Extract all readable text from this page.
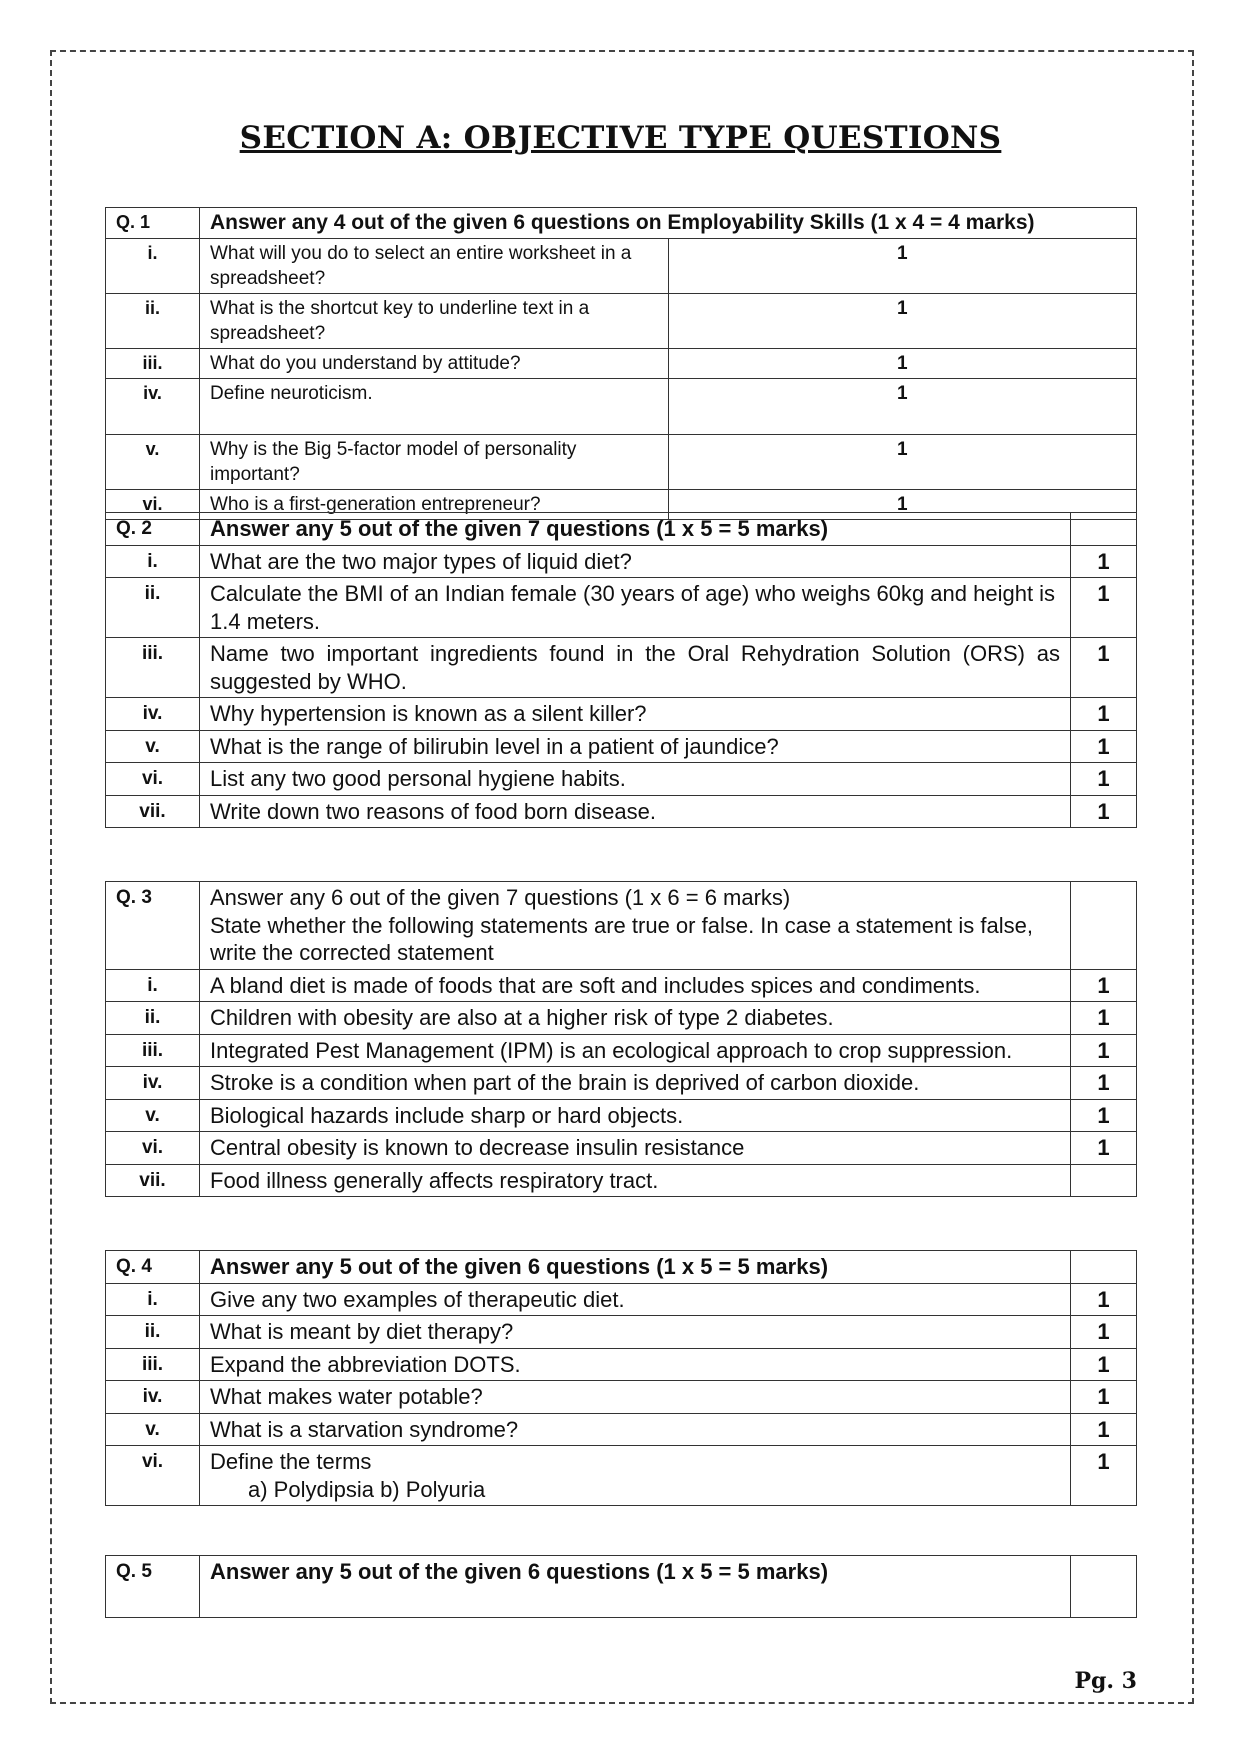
SECTION A: OBJECTIVE TYPE QUESTIONS
Q. 1	Answer any 4 out of the given 6 questions on Employability Skills (1 x 4 = 4 marks)	
i.	What will you do to select an entire worksheet in a spreadsheet?	1
ii.	What is the shortcut key to underline text in a spreadsheet?	1
iii.	What do you understand by attitude?	1
iv.	Define neuroticism.	1
v.	Why is the Big 5-factor model of personality important?	1
vi.	Who is a first-generation entrepreneur?	1
Q. 2	Answer any 5 out of the given 7 questions (1 x 5 = 5 marks)	
i.	What are the two major types of liquid diet?	1
ii.	Calculate the BMI of an Indian female (30 years of age) who weighs 60kg and height is 1.4 meters.	1
iii.	Name two important ingredients found in the Oral Rehydration Solution (ORS) as suggested by WHO.	1
iv.	Why hypertension is known as a silent killer?	1
v.	What is the range of bilirubin level in a patient of jaundice?	1
vi.	List any two good personal hygiene habits.	1
vii.	Write down two reasons of food born disease.	1
Q. 3	Answer any 6 out of the given 7 questions (1 x 6 = 6 marks)
State whether the following statements are true or false. In case a statement is false, write the corrected statement	

i.	A bland diet is made of foods that are soft and includes spices and condiments.	1
ii.	Children with obesity are also at a higher risk of type 2 diabetes.	1
iii.	Integrated Pest Management (IPM) is an ecological approach to crop suppression.	1
iv.	Stroke is a condition when part of the brain is deprived of carbon dioxide.	1
v.	Biological hazards include sharp or hard objects.	1
vi.	Central obesity is known to decrease insulin resistance	1
vii.	Food illness generally affects respiratory tract.	
Q. 4	Answer any 5 out of the given 6 questions (1 x 5 = 5 marks)	
i.	Give any two examples of therapeutic diet.	1
ii.	What is meant by diet therapy?	1
iii.	Expand the abbreviation DOTS.	1
iv.	What makes water potable?	1
v.	What is a starvation syndrome?	1
vi.	Define the terms
a) Polydipsia b) Polyuria	1
Q. 5	Answer any 5 out of the given 6 questions (1 x 5 = 5 marks)	
Pg. 3
